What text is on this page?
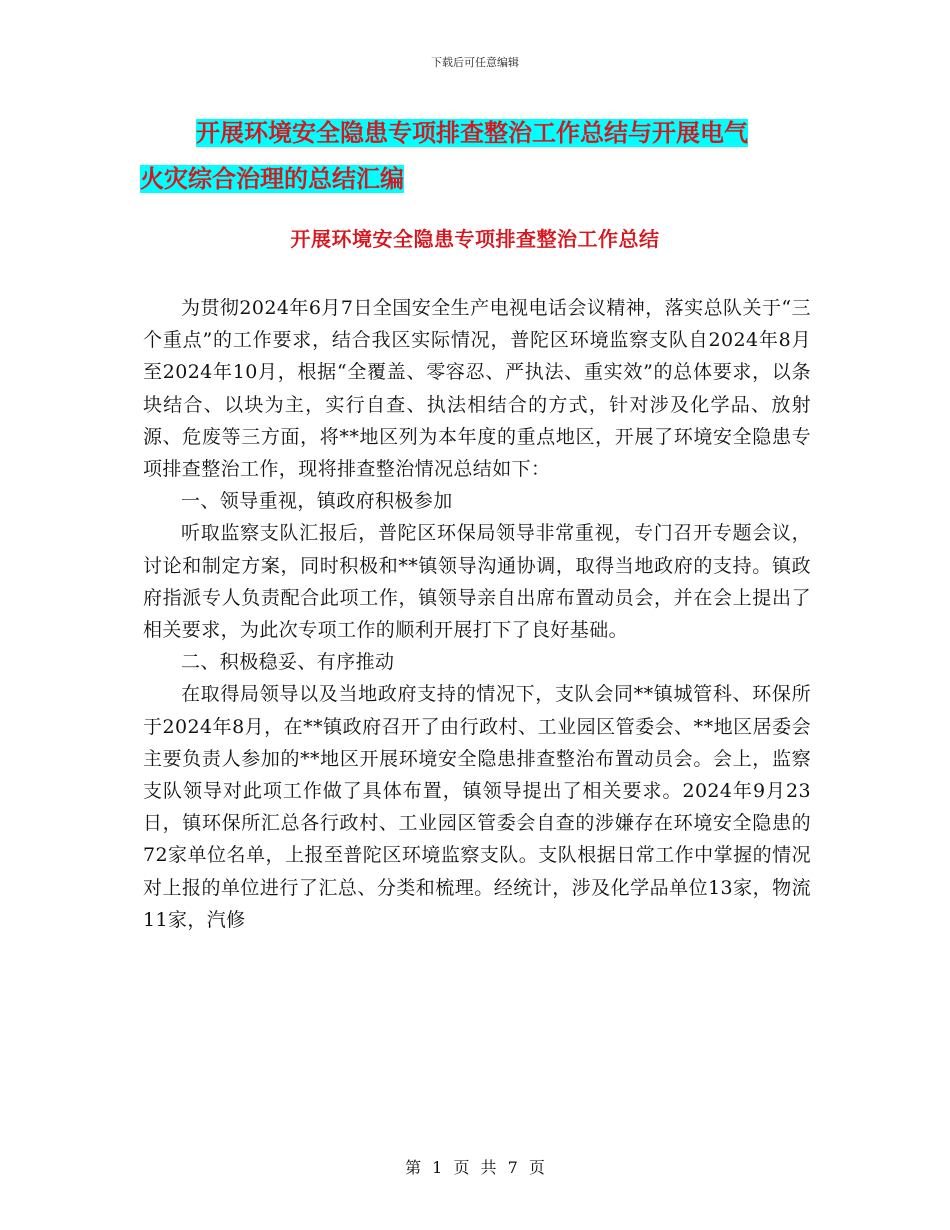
下载后可任意编辑
开展环境安全隐患专项排查整治工作总结与开展电气
火灾综合治理的总结汇编
开展环境安全隐患专项排查整治工作总结

为贯彻2024年6月7日全国安全生产电视电话会议精神，落实总队关于“三个重点”的工作要求，结合我区实际情况，普陀区环境监察支队自2024年8月至2024年10月，根据“全覆盖、零容忍、严执法、重实效”的总体要求，以条块结合、以块为主，实行自查、执法相结合的方式，针对涉及化学品、放射源、危废等三方面，将**地区列为本年度的重点地区，开展了环境安全隐患专项排查整治工作，现将排查整治情况总结如下：

一、领导重视，镇政府积极参加

听取监察支队汇报后，普陀区环保局领导非常重视，专门召开专题会议，讨论和制定方案，同时积极和**镇领导沟通协调，取得当地政府的支持。镇政府指派专人负责配合此项工作，镇领导亲自出席布置动员会，并在会上提出了相关要求，为此次专项工作的顺利开展打下了良好基础。

二、积极稳妥、有序推动

在取得局领导以及当地政府支持的情况下，支队会同**镇城管科、环保所于2024年8月，在**镇政府召开了由行政村、工业园区管委会、**地区居委会主要负责人参加的**地区开展环境安全隐患排查整治布置动员会。会上，监察支队领导对此项工作做了具体布置，镇领导提出了相关要求。2024年9月23日，镇环保所汇总各行政村、工业园区管委会自查的涉嫌存在环境安全隐患的72家单位名单，上报至普陀区环境监察支队。支队根据日常工作中掌握的情况对上报的单位进行了汇总、分类和梳理。经统计，涉及化学品单位13家，物流11家，汽修

第 1 页 共 7 页
